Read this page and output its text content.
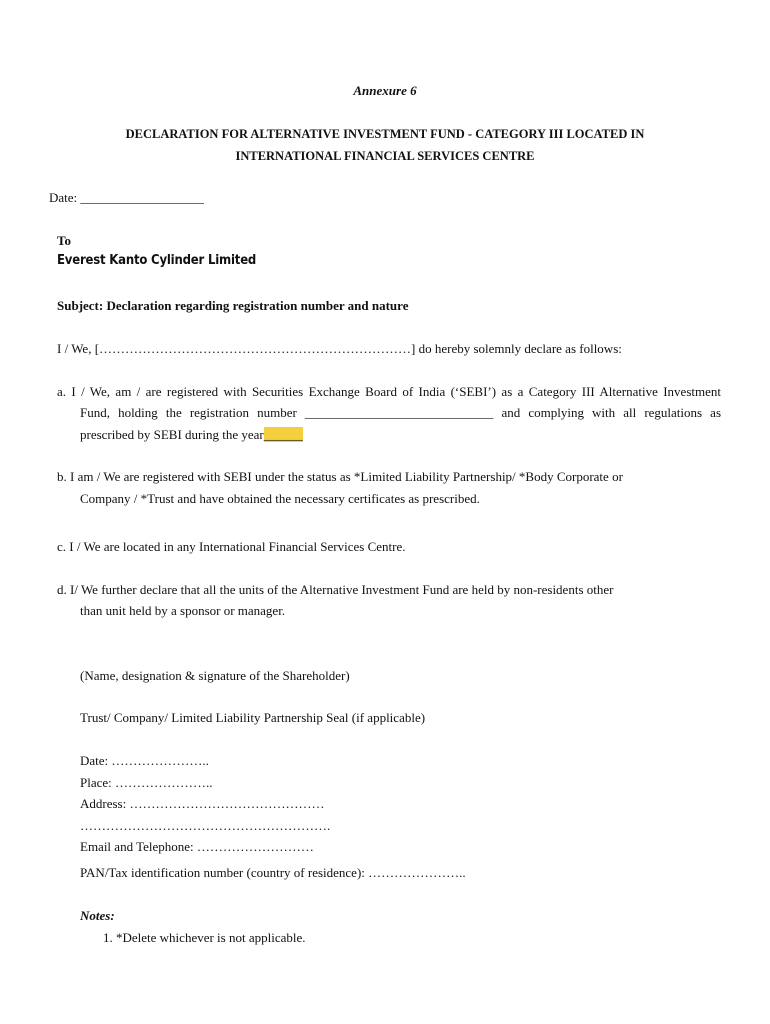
Annexure 6
DECLARATION FOR ALTERNATIVE INVESTMENT FUND - CATEGORY III LOCATED IN
INTERNATIONAL FINANCIAL SERVICES CENTRE
Date: ___________________
To
Everest Kanto Cylinder Limited
Subject: Declaration regarding registration number and nature
I / We, [………………………………………………………………] do hereby solemnly declare as follows:
a. I / We, am / are registered with Securities Exchange Board of India (‘SEBI’) as a Category III Alternative Investment
Fund, holding the registration number _____________________________ and complying with all regulations as
prescribed by SEBI during the year______
b. I am / We are registered with SEBI under the status as *Limited Liability Partnership/ *Body Corporate or
Company / *Trust and have obtained the necessary certificates as prescribed.
c. I / We are located in any International Financial Services Centre.
d. I/ We further declare that all the units of the Alternative Investment Fund are held by non-residents other
than unit held by a sponsor or manager.
(Name, designation & signature of the Shareholder)
Trust/ Company/ Limited Liability Partnership Seal (if applicable)
Date: …………………..
Place: …………………..
Address: ………………………………………
………………………………………………….
Email and Telephone: ………………………
PAN/Tax identification number (country of residence): …………………..
Notes:
1. *Delete whichever is not applicable.
